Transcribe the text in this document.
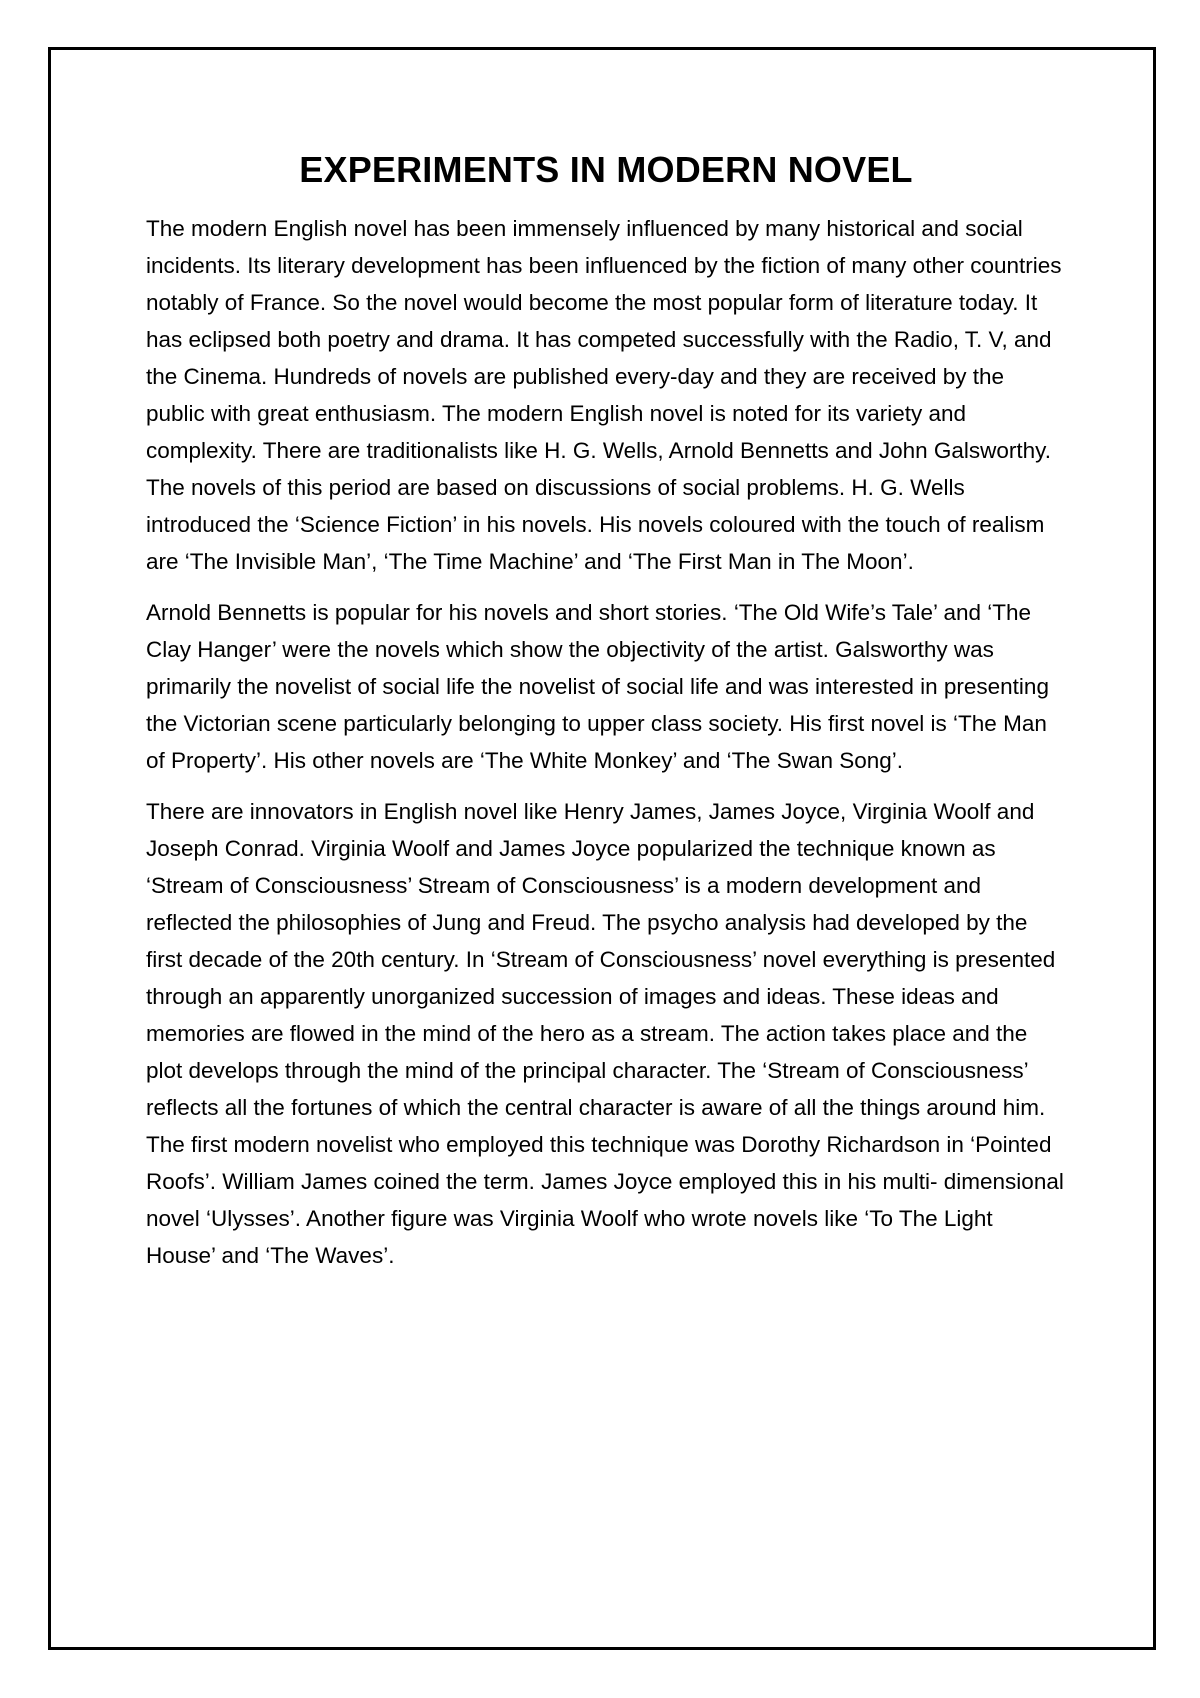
EXPERIMENTS IN MODERN NOVEL

The modern English novel has been immensely influenced by many historical and social incidents. Its literary development has been influenced by the fiction of many other countries notably of France. So the novel would become the most popular form of literature today. It has eclipsed both poetry and drama. It has competed successfully with the Radio, T. V, and the Cinema. Hundreds of novels are published every-day and they are received by the public with great enthusiasm. The modern English novel is noted for its variety and complexity. There are traditionalists like H. G. Wells, Arnold Bennetts and John Galsworthy. The novels of this period are based on discussions of social problems. H. G. Wells introduced the ‘Science Fiction’ in his novels. His novels coloured with the touch of realism are ‘The Invisible Man’, ‘The Time Machine’ and ‘The First Man in The Moon’.

Arnold Bennetts is popular for his novels and short stories. ‘The Old Wife’s Tale’ and ‘The Clay Hanger’ were the novels which show the objectivity of the artist. Galsworthy was primarily the novelist of social life the novelist of social life and was interested in presenting the Victorian scene particularly belonging to upper class society. His first novel is ‘The Man of Property’. His other novels are ‘The White Monkey’ and ‘The Swan Song’.

There are innovators in English novel like Henry James, James Joyce, Virginia Woolf and Joseph Conrad. Virginia Woolf and James Joyce popularized the technique known as ‘Stream of Consciousness’ Stream of Consciousness’ is a modern development and reflected the philosophies of Jung and Freud. The psycho analysis had developed by the first decade of the 20th century. In ‘Stream of Consciousness’ novel everything is presented through an apparently unorganized succession of images and ideas. These ideas and memories are flowed in the mind of the hero as a stream. The action takes place and the plot develops through the mind of the principal character. The ‘Stream of Consciousness’ reflects all the fortunes of which the central character is aware of all the things around him. The first modern novelist who employed this technique was Dorothy Richardson in ‘Pointed Roofs’. William James coined the term. James Joyce employed this in his multi- dimensional novel ‘Ulysses’. Another figure was Virginia Woolf who wrote novels like ‘To The Light House’ and ‘The Waves’.
